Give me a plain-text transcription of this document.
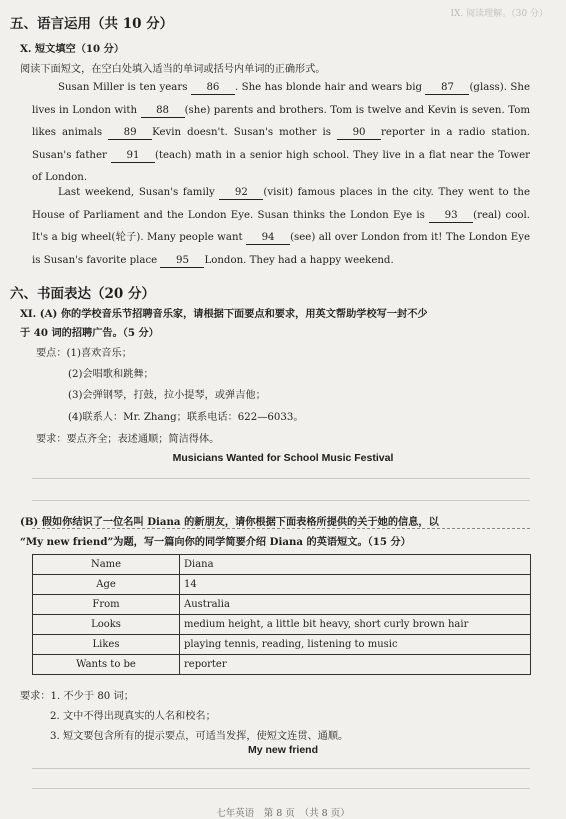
IX. 阅读理解。（30 分）
五、语言运用（共 10 分）
X. 短文填空（10 分）
阅读下面短文，在空白处填入适当的单词或括号内单词的正确形式。
Susan Miller is ten years 86 . She has blonde hair and wears big 87 (glass). She lives in London with 88 (she) parents and brothers. Tom is twelve and Kevin is seven. Tom likes animals 89 Kevin doesn't. Susan's mother is 90 reporter in a radio station. Susan's father 91 (teach) math in a senior high school. They live in a flat near the Tower of London.
Last weekend, Susan's family 92 (visit) famous places in the city. They went to the House of Parliament and the London Eye. Susan thinks the London Eye is 93 (real) cool. It's a big wheel(轮子). Many people want 94 (see) all over London from it! The London Eye is Susan's favorite place 95 London. They had a happy weekend.
六、书面表达（20 分）
XI. (A) 你的学校音乐节招聘音乐家，请根据下面要点和要求，用英文帮助学校写一封不少
于 40 词的招聘广告。（5 分）
要点：(1)喜欢音乐；
(2)会唱歌和跳舞；
(3)会弹钢琴，打鼓，拉小提琴，或弹吉他；
(4)联系人：Mr. Zhang；联系电话：622—6033。
要求：要点齐全；表述通顺；简洁得体。
Musicians Wanted for School Music Festival
(B) 假如你结识了一位名叫 Diana 的新朋友，请你根据下面表格所提供的关于她的信息，以
“My new friend”为题，写一篇向你的同学简要介绍 Diana 的英语短文。（15 分）
Name	Diana
Age	14
From	Australia
Looks	medium height, a little bit heavy, short curly brown hair
Likes	playing tennis, reading, listening to music
Wants to be	reporter
要求：1. 不少于 80 词；
2. 文中不得出现真实的人名和校名；
3. 短文要包含所有的提示要点，可适当发挥，使短文连贯、通顺。
My new friend
七年英语　第 8 页　（共 8 页）
